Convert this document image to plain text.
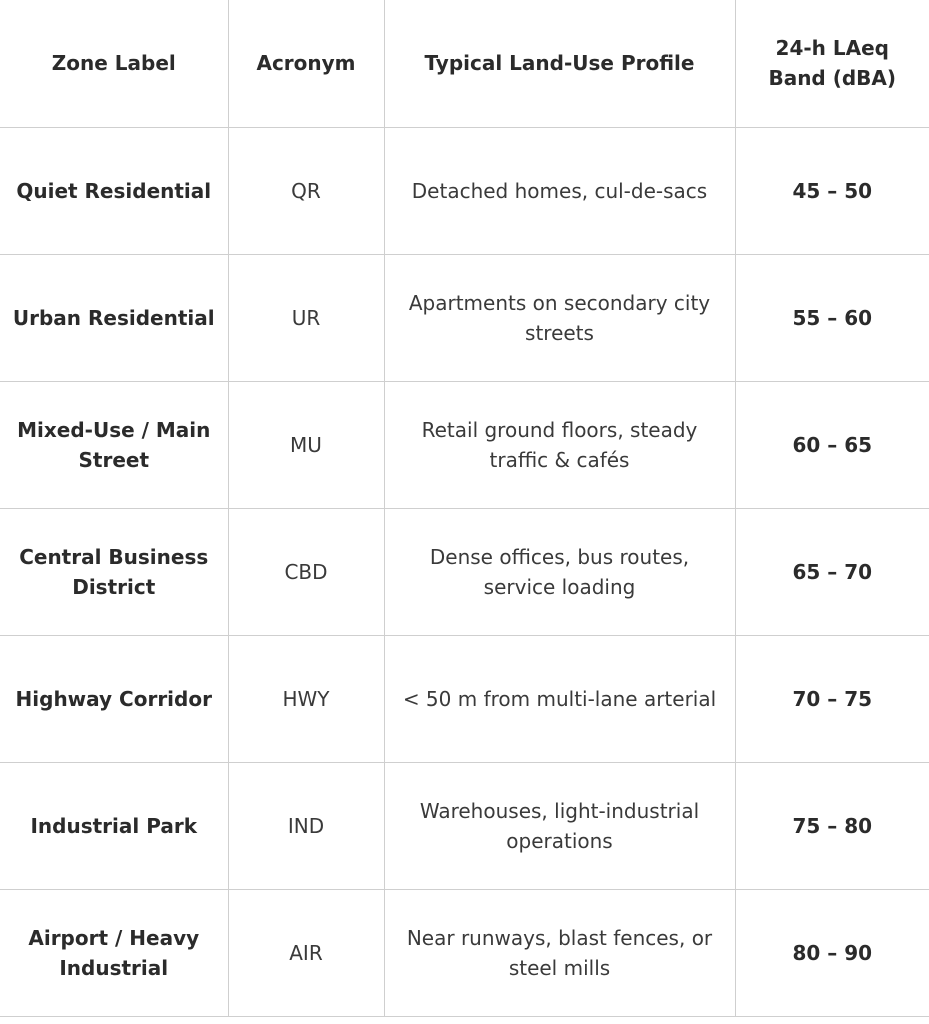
Zone Label	Acronym	Typical Land-Use Profile	24-h LAeq Band (dBA)
Quiet Residential	QR	Detached homes, cul-de-sacs	45 – 50
Urban Residential	UR	Apartments on secondary city streets	55 – 60
Mixed-Use / Main Street	MU	Retail ground floors, steady traffic & cafés	60 – 65
Central Business District	CBD	Dense offices, bus routes, service loading	65 – 70
Highway Corridor	HWY	< 50 m from multi-lane arterial	70 – 75
Industrial Park	IND	Warehouses, light-industrial operations	75 – 80
Airport / Heavy Industrial	AIR	Near runways, blast fences, or steel mills	80 – 90
